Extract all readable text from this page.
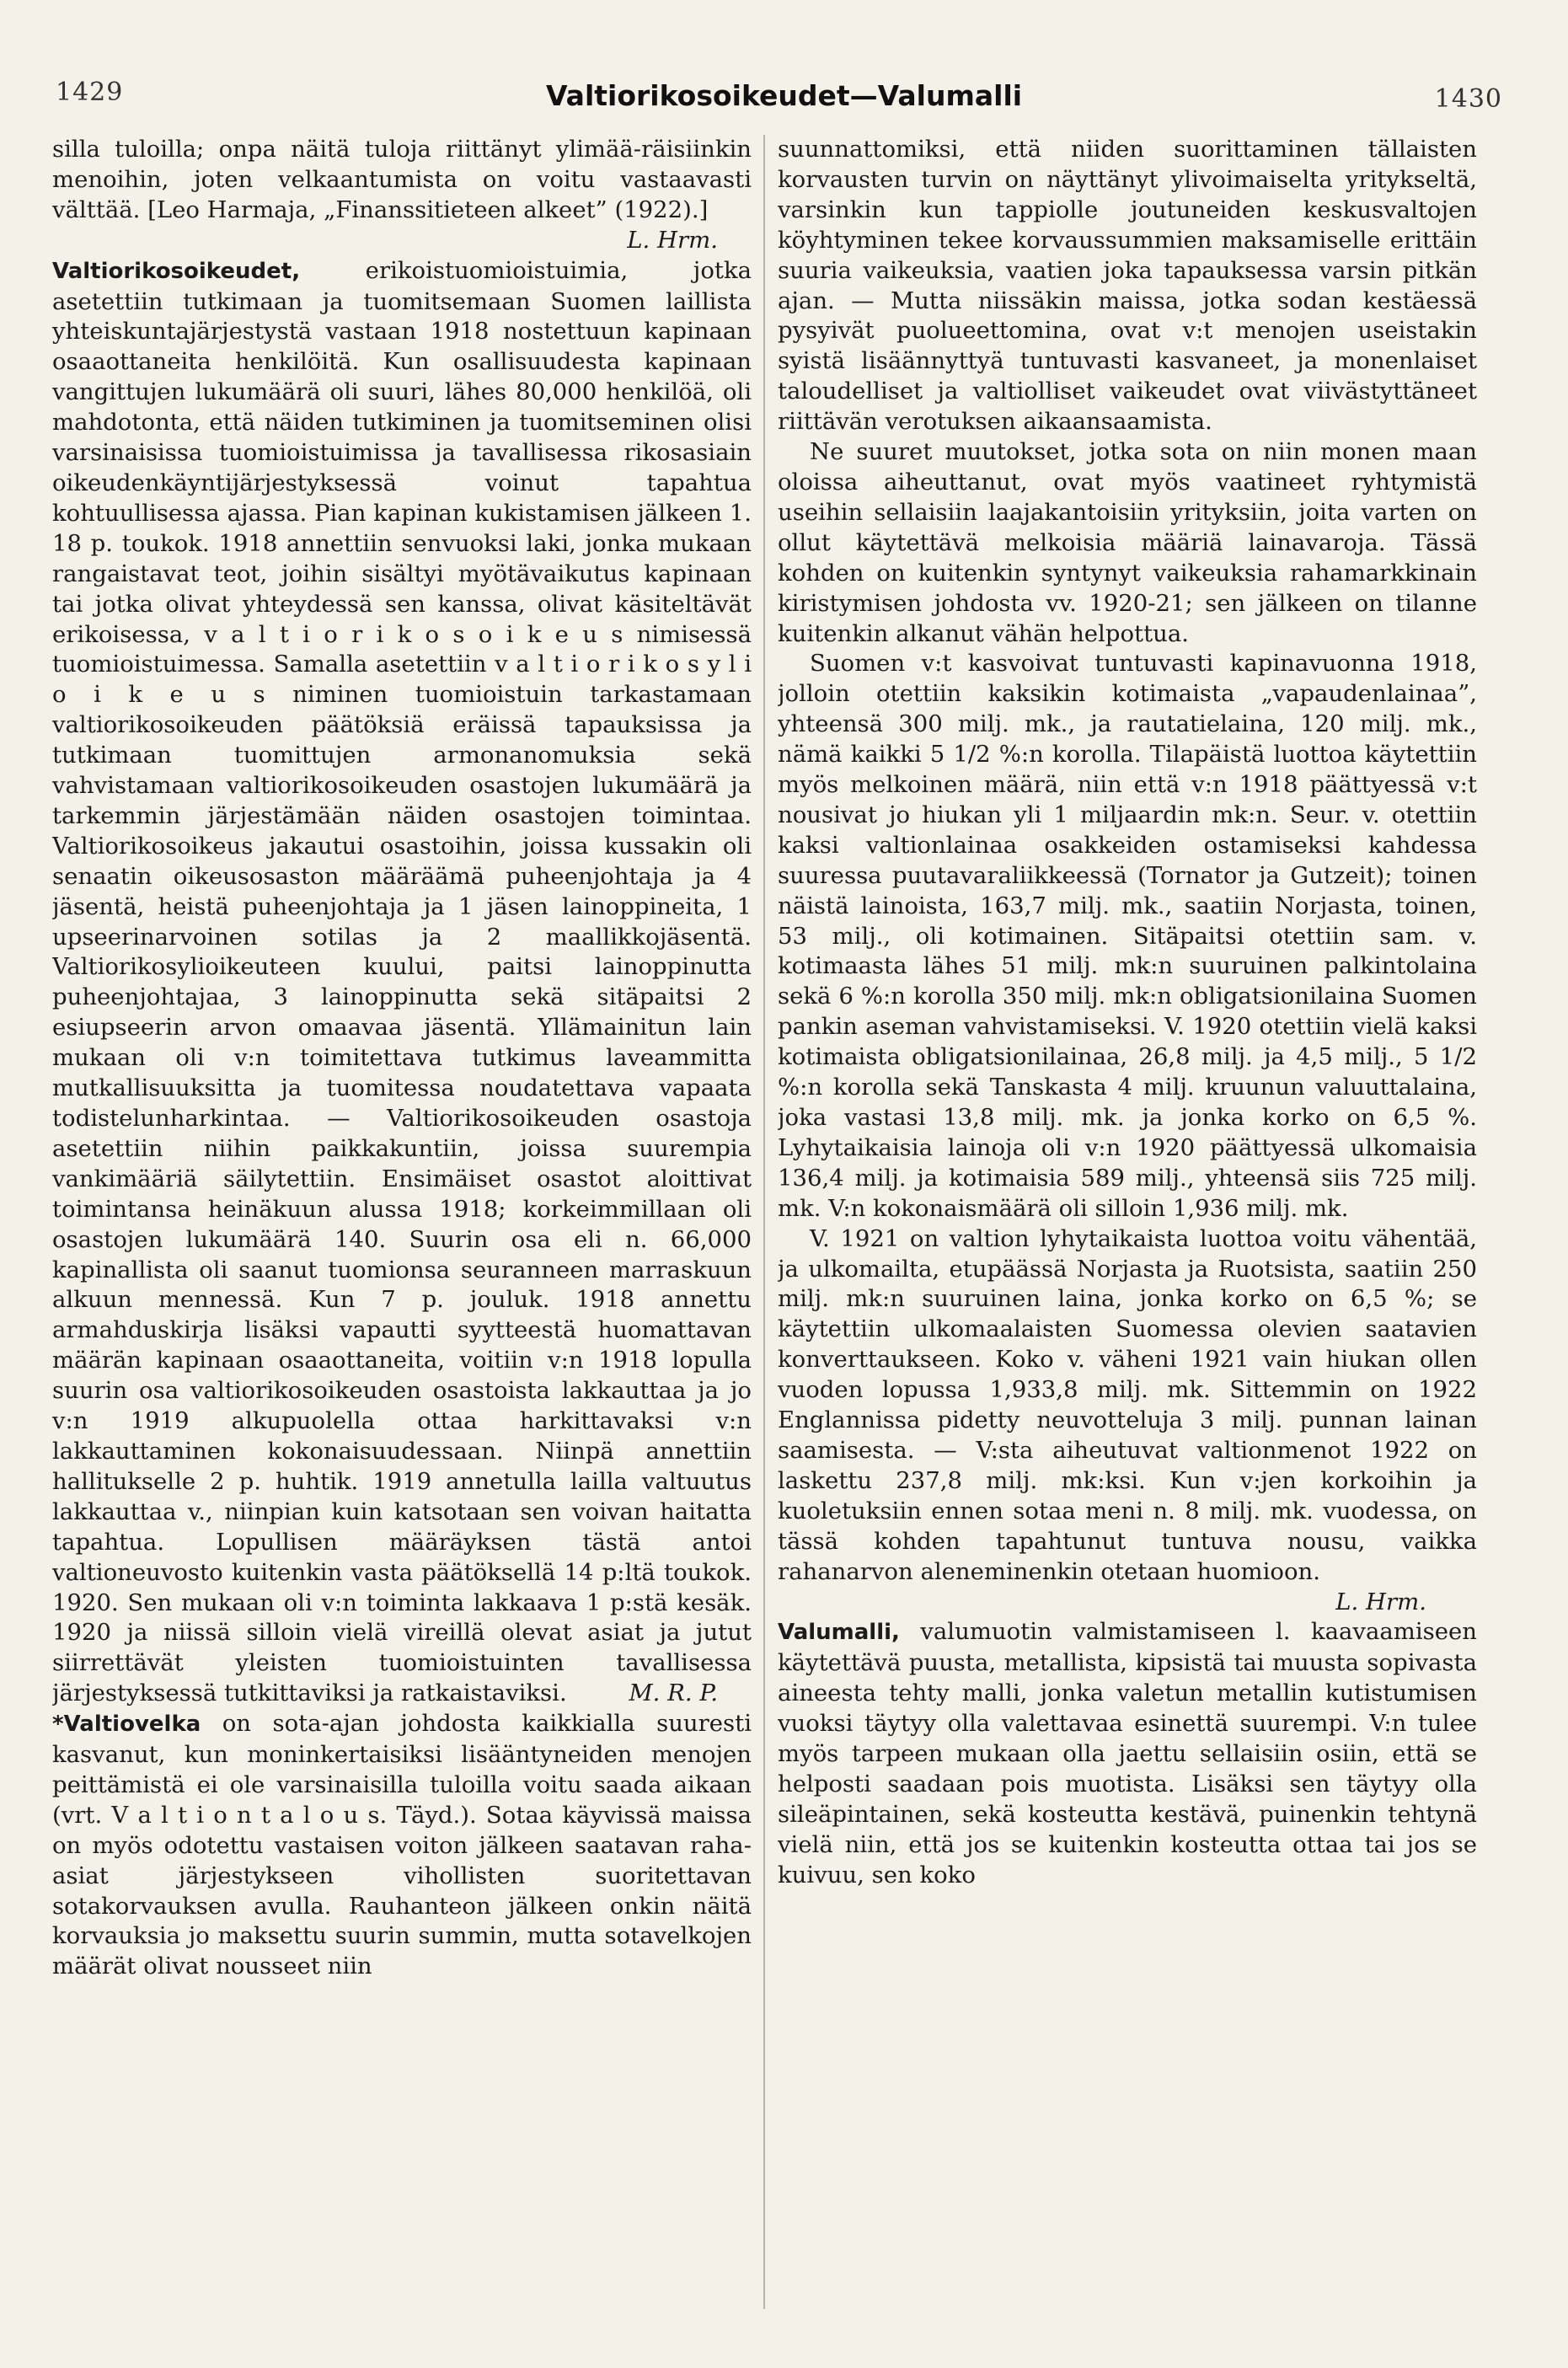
1429	Valtiorikosoikeudet—Valumalli	1430

silla tuloilla; onpa näitä tuloja riittänyt ylimää-räisiinkin menoihin, joten velkaantumista on voitu vastaavasti välttää. [Leo Harmaja, „Finanssitieteen alkeet” (1922).]
L. Hrm.

Valtiorikosoikeudet,	erikoistuomioistuimia, jotka asetettiin tutkimaan ja tuomitsemaan Suomen laillista yhteiskuntajärjestystä vastaan 1918 nostettuun kapinaan osaaottaneita henkilöitä. Kun osallisuudesta kapinaan vangittujen lukumäärä oli suuri, lähes 80,000 henkilöä, oli mahdotonta, että näiden tutkiminen ja tuomitseminen olisi varsinaisissa tuomioistuimissa ja tavallisessa rikosasiain oikeudenkäyntijärjestyksessä voinut tapahtua kohtuullisessa ajassa. Pian kapinan kukistamisen jälkeen 1. 18 p. toukok. 1918 annettiin senvuoksi laki, jonka mukaan rangaistavat teot, joihin sisältyi myötävaikutus kapinaan tai jotka olivat yhteydessä sen kanssa, olivat käsiteltävät erikoisessa, v a l t i o r i k o s o i k e u s nimisessä tuomioistuimessa. Samalla asetettiin v a l t i o r i k o s y l i o i k e u s niminen tuomioistuin tarkastamaan valtiorikosoikeuden päätöksiä eräissä tapauksissa ja tutkimaan tuomittujen armonanomuksia sekä vahvistamaan valtiorikosoikeuden osastojen lukumäärä ja tarkemmin järjestämään näiden osastojen toimintaa. Valtiorikosoikeus jakautui osastoihin, joissa kussakin oli senaatin oikeusosaston määräämä puheenjohtaja ja 4 jäsentä, heistä puheenjohtaja ja 1 jäsen lainoppineita, 1 upseerinarvoinen sotilas ja 2 maallikkojäsentä. Valtiorikosylioikeuteen kuului, paitsi lainoppinutta puheenjohtajaa, 3 lainoppinutta sekä sitäpaitsi 2 esiupseerin arvon omaavaa jäsentä. Yllämainitun lain mukaan oli v:n toimitettava tutkimus laveammitta mutkallisuuksitta ja tuomitessa noudatettava vapaata todistelunharkintaa. — Valtiorikosoikeuden osastoja asetettiin niihin paikkakuntiin, joissa suurempia vankimääriä säilytettiin. Ensimäiset osastot aloittivat toimintansa heinäkuun alussa 1918; korkeimmillaan oli osastojen lukumäärä 140. Suurin osa eli n. 66,000 kapinallista oli saanut tuomionsa seuranneen marraskuun alkuun mennessä. Kun 7 p. jouluk. 1918 annettu armahduskirja lisäksi vapautti syytteestä huomattavan määrän kapinaan osaaottaneita, voitiin v:n 1918 lopulla suurin osa valtiorikosoikeuden osastoista lakkauttaa ja jo v:n 1919 alkupuolella ottaa harkittavaksi v:n lakkauttaminen kokonaisuudessaan. Niinpä annettiin hallitukselle 2 p. huhtik. 1919 annetulla lailla valtuutus lakkauttaa v., niinpian kuin katsotaan sen voivan haitatta tapahtua. Lopullisen määräyksen tästä antoi valtioneuvosto kuitenkin vasta päätöksellä 14 p:ltä toukok. 1920. Sen mukaan oli v:n toiminta lakkaava 1 p:stä kesäk. 1920 ja niissä silloin vielä vireillä olevat asiat ja jutut siirrettävät yleisten tuomioistuinten tavallisessa järjestyksessä tutkittaviksi ja ratkaistaviksi.	M. R. P.

*Valtiovelka on sota-ajan johdosta kaikkialla suuresti kasvanut, kun moninkertaisiksi lisääntyneiden menojen peittämistä ei ole varsinaisilla tuloilla voitu saada aikaan (vrt. V a l t i o n t a l o u s. Täyd.). Sotaa käyvissä maissa on myös odotettu vastaisen voiton jälkeen saatavan raha-asiat järjestykseen vihollisten suoritettavan sotakorvauksen avulla. Rauhanteon jälkeen onkin näitä korvauksia jo maksettu suurin summin, mutta sotavelkojen määrät olivat nousseet niin

suunnattomiksi, että niiden suorittaminen tällaisten korvausten turvin on näyttänyt ylivoimaiselta yritykseltä, varsinkin kun tappiolle joutuneiden keskusvaltojen köyhtyminen tekee korvaussummien maksamiselle erittäin suuria vaikeuksia, vaatien joka tapauksessa varsin pitkän ajan. — Mutta niissäkin maissa, jotka sodan kestäessä pysyivät puolueettomina, ovat v:t menojen useistakin syistä lisäännyttyä tuntuvasti kasvaneet, ja monenlaiset taloudelliset ja valtiolliset vaikeudet ovat viivästyttäneet riittävän verotuksen aikaansaamista.

Ne suuret muutokset, jotka sota on niin monen maan oloissa aiheuttanut, ovat myös vaatineet ryhtymistä useihin sellaisiin laajakantoisiin yrityksiin, joita varten on ollut käytettävä melkoisia määriä lainavaroja. Tässä kohden on kuitenkin syntynyt vaikeuksia rahamarkkinain kiristymisen johdosta vv. 1920-21; sen jälkeen on tilanne kuitenkin alkanut vähän helpottua.

Suomen v:t kasvoivat tuntuvasti kapinavuonna 1918, jolloin otettiin kaksikin kotimaista „vapaudenlainaa”, yhteensä 300 milj. mk., ja rautatielaina, 120 milj. mk., nämä kaikki 5 1/2 %:n korolla. Tilapäistä luottoa käytettiin myös melkoinen määrä, niin että v:n 1918 päättyessä v:t nousivat jo hiukan yli 1 miljaardin mk:n. Seur. v. otettiin kaksi valtionlainaa osakkeiden ostamiseksi kahdessa suuressa puutavaraliikkeessä (Tornator ja Gutzeit); toinen näistä lainoista, 163,7 milj. mk., saatiin Norjasta, toinen, 53 milj., oli kotimainen. Sitäpaitsi otettiin sam. v. kotimaasta lähes 51 milj. mk:n suuruinen palkintolaina sekä 6 %:n korolla 350 milj. mk:n obligatsionilaina Suomen pankin aseman vahvistamiseksi. V. 1920 otettiin vielä kaksi kotimaista obligatsionilainaa, 26,8 milj. ja 4,5 milj., 5 1/2 %:n korolla sekä Tanskasta 4 milj. kruunun valuuttalaina, joka vastasi 13,8 milj. mk. ja jonka korko on 6,5 %. Lyhytaikaisia lainoja oli v:n 1920 päättyessä ulkomaisia 136,4 milj. ja kotimaisia 589 milj., yhteensä siis 725 milj. mk. V:n kokonaismäärä oli silloin 1,936 milj. mk.

V. 1921 on valtion lyhytaikaista luottoa voitu vähentää, ja ulkomailta, etupäässä Norjasta ja Ruotsista, saatiin 250 milj. mk:n suuruinen laina, jonka korko on 6,5 %; se käytettiin ulkomaalaisten Suomessa olevien saatavien konverttaukseen. Koko v. väheni 1921 vain hiukan ollen vuoden lopussa 1,933,8 milj. mk. Sittemmin on 1922 Englannissa pidetty neuvotteluja 3 milj. punnan lainan saamisesta. — V:sta aiheutuvat valtionmenot 1922 on laskettu 237,8 milj. mk:ksi. Kun v:jen korkoihin ja kuoletuksiin ennen sotaa meni n. 8 milj. mk. vuodessa, on tässä kohden tapahtunut tuntuva nousu, vaikka rahanarvon aleneminenkin otetaan huomioon.

L. Hrm.

Valumalli, valumuotin valmistamiseen l. kaavaamiseen käytettävä puusta, metallista, kipsistä tai muusta sopivasta aineesta tehty malli, jonka valetun metallin kutistumisen vuoksi täytyy olla valettavaa esinettä suurempi. V:n tulee myös tarpeen mukaan olla jaettu sellaisiin osiin, että se helposti saadaan pois muotista. Lisäksi sen täytyy olla sileäpintainen, sekä kosteutta kestävä, puinenkin tehtynä vielä niin, että jos se kuitenkin kosteutta ottaa tai jos se kuivuu, sen koko
